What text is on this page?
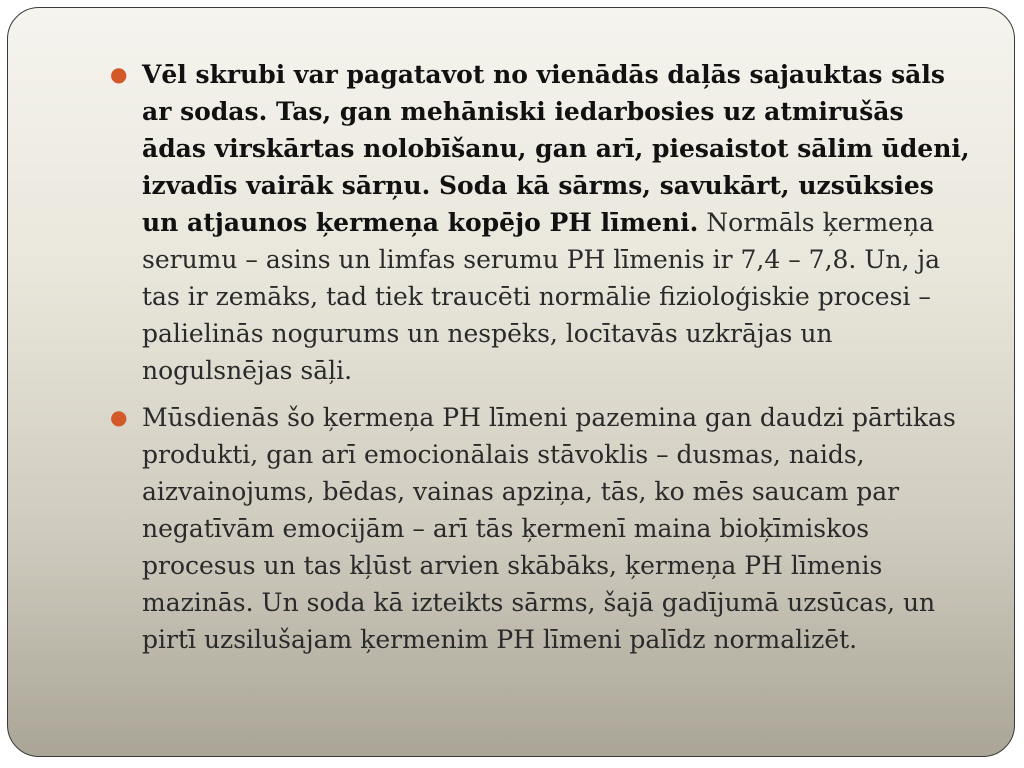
● Vēl skrubi var pagatavot no vienādās daļās sajauktas sāls ar sodas. Tas, gan mehāniski iedarbosies uz atmirušās ādas virskārtas nolobīšanu, gan arī, piesaistot sālim ūdeni, izvadīs vairāk sārņu. Soda kā sārms, savukārt, uzsūksies un atjaunos ķermeņa kopējo PH līmeni. Normāls ķermeņa serumu – asins un limfas serumu PH līmenis ir 7,4 – 7,8. Un, ja tas ir zemāks, tad tiek traucēti normālie fizioloģiskie procesi – palielinās nogurums un nespēks, locītavās uzkrājas un nogulsnējas sāļi.
● Mūsdienās šo ķermeņa PH līmeni pazemina gan daudzi pārtikas produkti, gan arī emocionālais stāvoklis – dusmas, naids, aizvainojums, bēdas, vainas apziņa, tās, ko mēs saucam par negatīvām emocijām – arī tās ķermenī maina bioķīmiskos procesus un tas kļūst arvien skābāks, ķermeņa PH līmenis mazinās. Un soda kā izteikts sārms, šajā gadījumā uzsūcas, un pirtī uzsilušajam ķermenim PH līmeni palīdz normalizēt.
